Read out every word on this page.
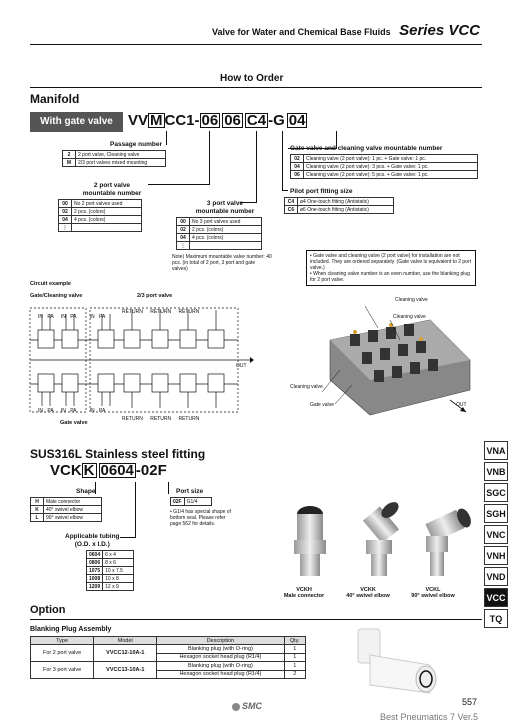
Valve for Water and Chemical Base Fluids Series VCC
How to Order
Manifold
With gate valve	VV M CC1- 06 06 C4 -G 04
Passage number
2	2 port valve, Cleaning valve
M	2/3 port valves mixed mounting
2 port valve
mountable number
00	No 2 port valves used
02	2 pcs. (colors)
04	4 pcs. (colors)
⋮	
3 port valve
mountable number
00	No 3 port valves used
02	2 pcs. (colors)
04	4 pcs. (colors)
⋮	
Note) Maximum mountable valve number: 40 pcs. (in total of 2 port, 3 port and gate valves)
Gate valve and cleaning valve mountable number
02	Cleaning valve (2 port valve): 1 pc. + Gate valve: 1 pc.
04	Cleaning valve (2 port valve): 3 pcs. + Gate valve: 1 pc.
06	Cleaning valve (2 port valve): 5 pcs. + Gate valve: 1 pc.
Pilot port fitting size
C4	ø4 One-touch fitting (Antistatic)
C6	ø6 One-touch fitting (Antistatic)
• Gate valve and cleaning valve (2 port valve) for installation are not included. They are ordered separately. (Gate valve is equivalent to 2 port valve.)
• When cleaning valve number is an even number, use the blanking plug for 2 port valve.
Circuit example
Gate/Cleaning valve	2/3 port valve
IN PA IN PA	IN PA
RETURN RETURN RETURN
IN PA IN PA	IN PA
RETURN RETURN RETURN
OUT
Gate valve
Cleaning valve
Cleaning valve
Cleaning valve
Gate valve	OUT
VNA
VNB
SGC
SGH
VNC
VNH
VND
VCC
TQ
SUS316L Stainless steel fitting
VCK K 0604 -02F
Shape
H	Male connector
K	40° swivel elbow
L	90° swivel elbow
Port size
02F	G1/4
• G1/4 has special shape of bottom seal. Please refer page 562 for details.
Applicable tubing
(O.D. x I.D.)
0604	6 x 4
0806	8 x 6
1075	10 x 7.5
1008	10 x 8
1209	12 x 9
VCKH
Male connector
VCKK
40° swivel elbow
VCKL
90° swivel elbow
Option
Blanking Plug Assembly
Type	Model	Description	Qty.
For 2 port valve	VVCC12-10A-1	Blanking plug (with O-ring)	1
		Hexagon socket head plug (R1/4)	1
For 3 port valve	VVCC13-10A-1	Blanking plug (with O-ring)	1
		Hexagon socket head plug (R1/4)	2
SMC	557
Best Pneumatics 7 Ver.5
